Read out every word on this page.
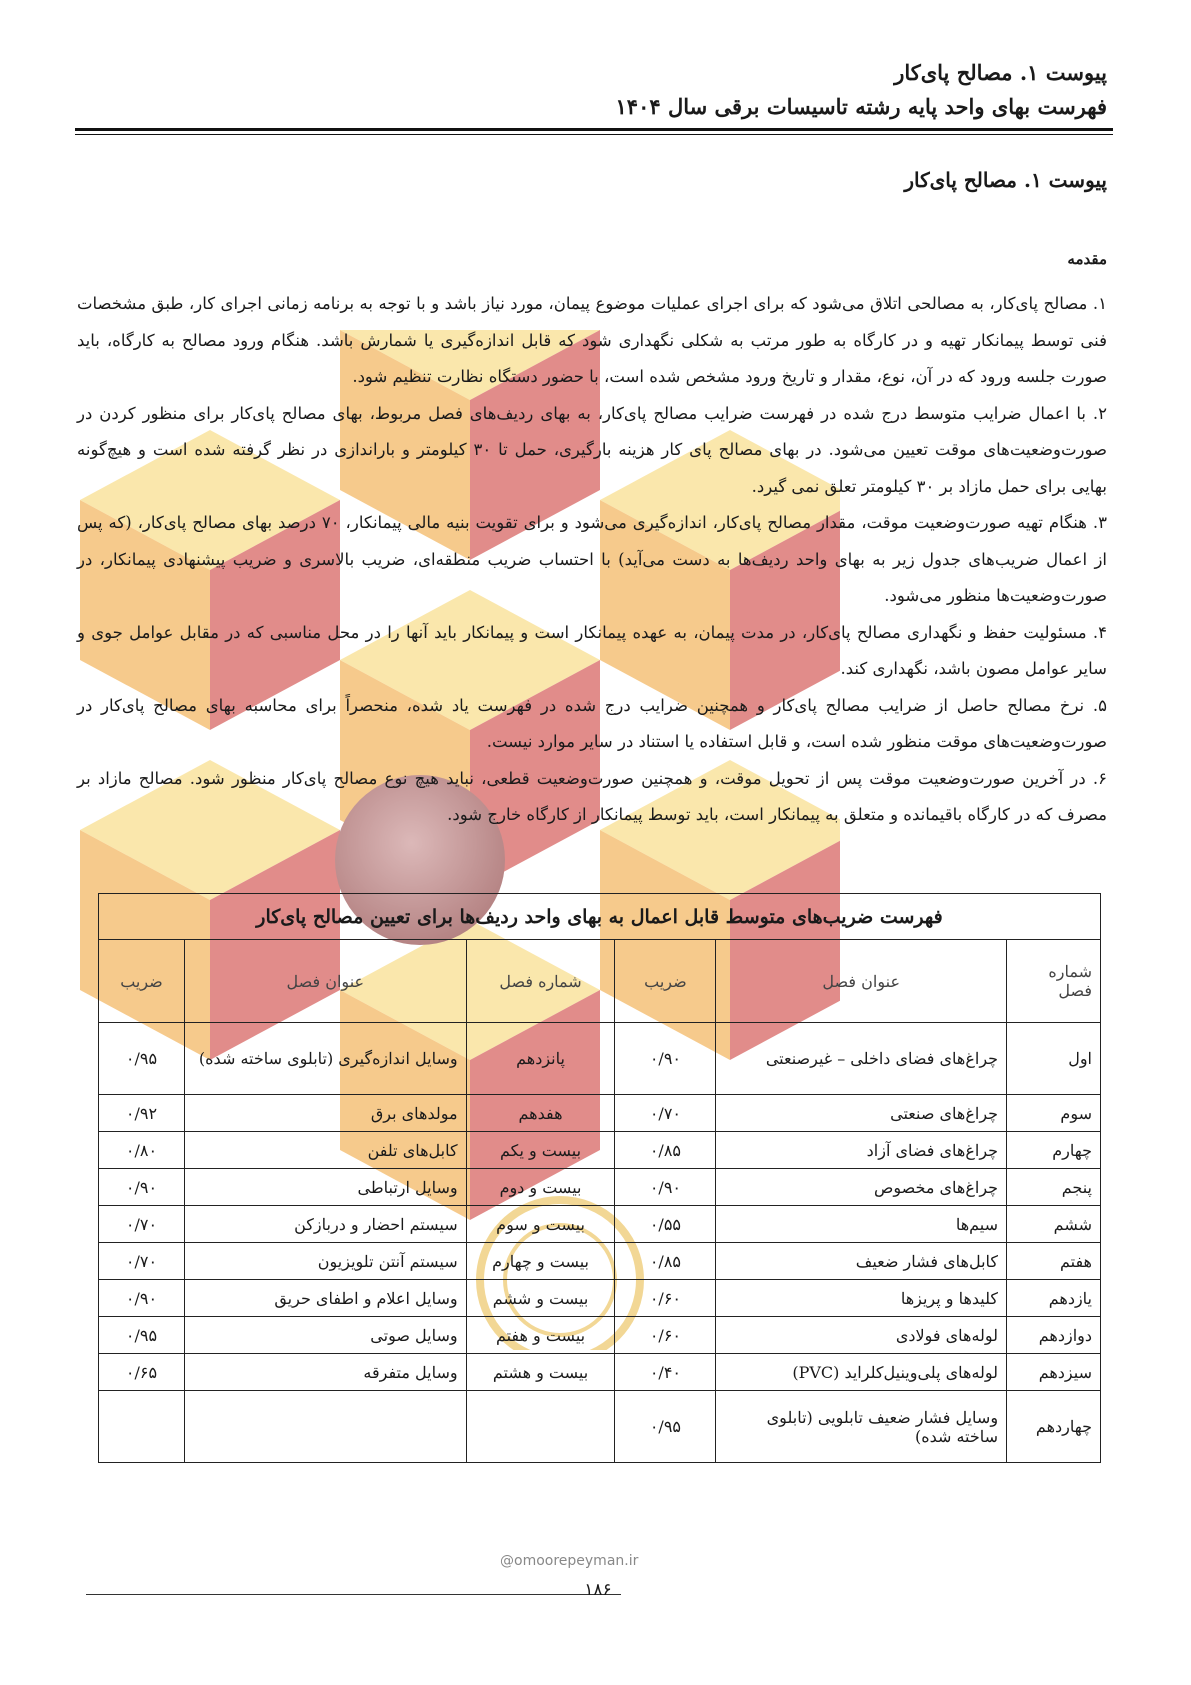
پیوست ۱. مصالح پای‌کار
فهرست بهای واحد پایه رشته تاسیسات برقی سال ۱۴۰۴
پیوست ۱. مصالح پای‌کار
مقدمه

۱. مصالح پای‌کار، به مصالحی اتلاق می‌شود که برای اجرای عملیات موضوع پیمان، مورد نیاز باشد و با توجه به برنامه زمانی اجرای کار، طبق مشخصات فنی توسط پیمانکار تهیه و در کارگاه به طور مرتب به شکلی نگهداری شود که قابل اندازه‌گیری یا شمارش باشد. هنگام ورود مصالح به کارگاه، باید صورت جلسه ورود که در آن، نوع، مقدار و تاریخ ورود مشخص شده است، با حضور دستگاه نظارت تنظیم شود.

۲. با اعمال ضرایب متوسط درج شده در فهرست ضرایب مصالح پای‌کار، به بهای ردیف‌های فصل مربوط، بهای مصالح پای‌کار برای منظور کردن در صورت‌وضعیت‌های موقت تعیین می‌شود. در بهای مصالح پای کار هزینه بارگیری، حمل تا ۳۰ کیلومتر و باراندازی در نظر گرفته شده است و هیچ‌گونه بهایی برای حمل مازاد بر ۳۰ کیلومتر تعلق نمی گیرد.

۳. هنگام تهیه صورت‌وضعیت موقت، مقدار مصالح پای‌کار، اندازه‌گیری می‌شود و برای تقویت بنیه مالی پیمانکار، ۷۰ درصد بهای مصالح پای‌کار، (که پس از اعمال ضریب‌های جدول زیر به بهای واحد ردیف‌ها به دست می‌آید) با احتساب ضریب منطقه‌ای، ضریب بالاسری و ضریب پیشنهادی پیمانکار، در صورت‌وضعیت‌ها منظور می‌شود.

۴. مسئولیت حفظ و نگهداری مصالح پای‌کار، در مدت پیمان، به عهده پیمانکار است و پیمانکار باید آنها را در محل مناسبی که در مقابل عوامل جوی و سایر عوامل مصون باشد، نگهداری کند.

۵. نرخ مصالح حاصل از ضرایب مصالح پای‌کار و همچنین ضرایب درج شده در فهرست یاد شده، منحصراً برای محاسبه بهای مصالح پای‌کار در صورت‌وضعیت‌های موقت منظور شده است، و قابل استفاده یا استناد در سایر موارد نیست.

۶. در آخرین صورت‌وضعیت موقت پس از تحویل موقت، و همچنین صورت‌وضعیت قطعی، نباید هیچ نوع مصالح پای‌کار منظور شود. مصالح مازاد بر مصرف که در کارگاه باقیمانده و متعلق به پیمانکار است، باید توسط پیمانکار از کارگاه خارج شود.

فهرست ضریب‌های متوسط قابل اعمال به بهای واحد ردیف‌ها برای تعیین مصالح پای‌کار					
شماره فصل	عنوان فصل	ضریب	شماره فصل	عنوان فصل	ضریب
اول	چراغ‌های فضای داخلی – غیرصنعتی	۰/۹۰	پانزدهم	وسایل اندازه‌گیری (تابلوی ساخته شده)	۰/۹۵
سوم	چراغ‌های صنعتی	۰/۷۰	هفدهم	مولدهای برق	۰/۹۲
چهارم	چراغ‌های فضای آزاد	۰/۸۵	بیست و یکم	کابل‌های تلفن	۰/۸۰
پنجم	چراغ‌های مخصوص	۰/۹۰	بیست و دوم	وسایل ارتباطی	۰/۹۰
ششم	سیم‌ها	۰/۵۵	بیست و سوم	سیستم احضار و دربازکن	۰/۷۰
هفتم	کابل‌های فشار ضعیف	۰/۸۵	بیست و چهارم	سیستم آنتن تلویزیون	۰/۷۰
یازدهم	کلیدها و پریزها	۰/۶۰	بیست و ششم	وسایل اعلام و اطفای حریق	۰/۹۰
دوازدهم	لوله‌های فولادی	۰/۶۰	بیست و هفتم	وسایل صوتی	۰/۹۵
سیزدهم	لوله‌های پلی‌وینیل‌کلراید (PVC)	۰/۴۰	بیست و هشتم	وسایل متفرقه	۰/۶۵
چهاردهم	وسایل فشار ضعیف تابلویی (تابلوی ساخته شده)	۰/۹۵			
@omoorepeyman.ir
۱۸۶
